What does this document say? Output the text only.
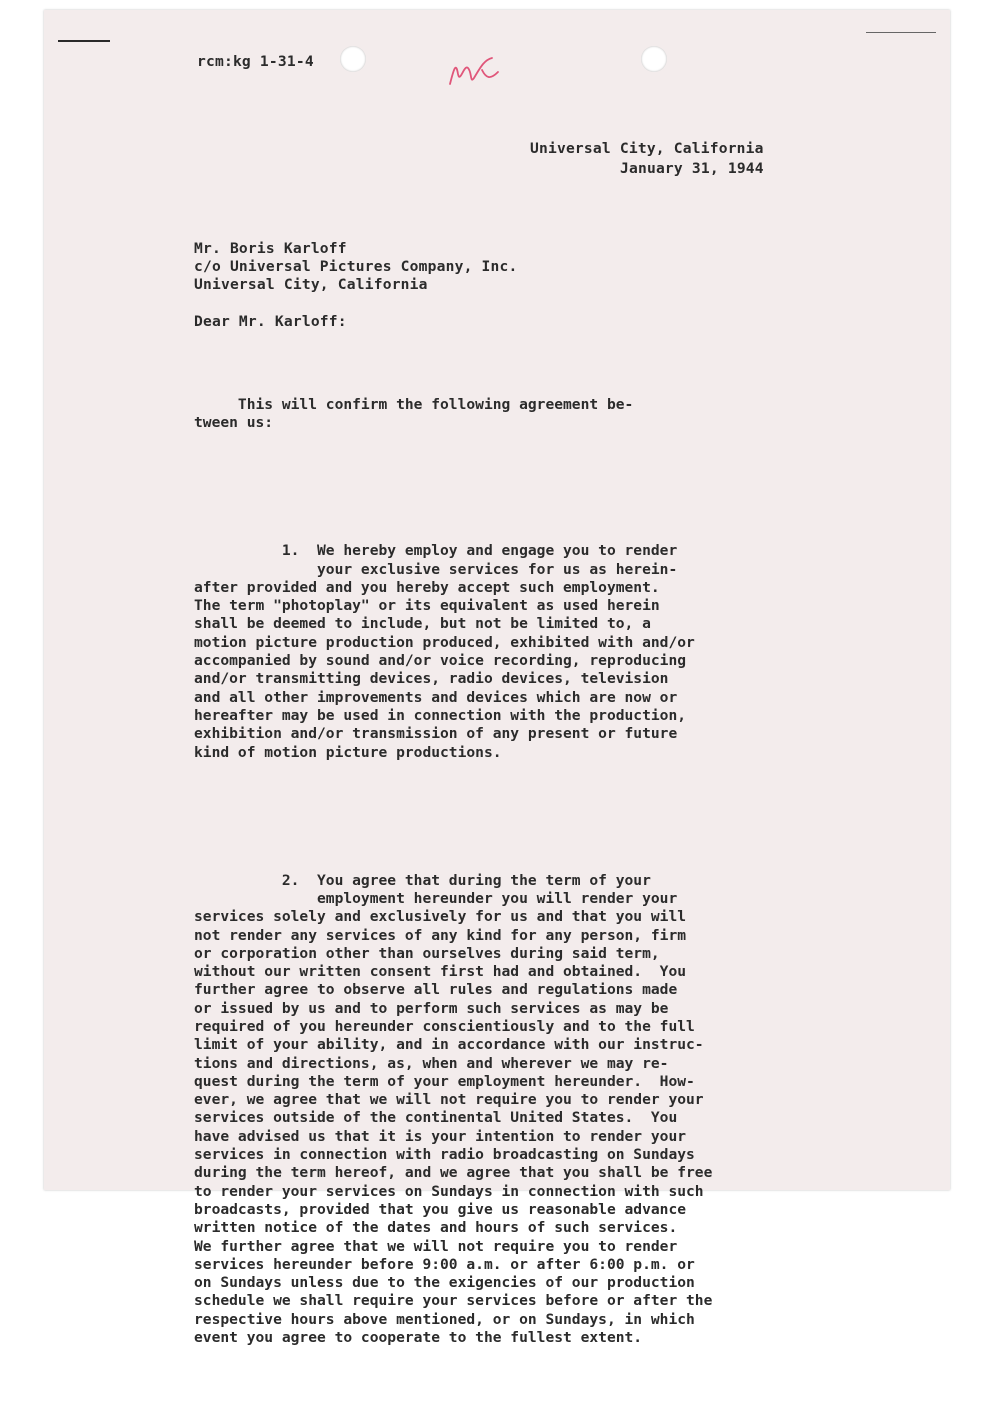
rcm:kg 1-31-4

Universal City, California

January 31, 1944

Mr. Boris Karloff

c/o Universal Pictures Company, Inc.

Universal City, California

Dear Mr. Karloff:

This will confirm the following agreement be-
tween us:

1.  We hereby employ and engage you to render
your exclusive services for us as herein-
after provided and you hereby accept such employment.
The term "photoplay" or its equivalent as used herein
shall be deemed to include, but not be limited to, a
motion picture production produced, exhibited with and/or
accompanied by sound and/or voice recording, reproducing
and/or transmitting devices, radio devices, television
and all other improvements and devices which are now or
hereafter may be used in connection with the production,
exhibition and/or transmission of any present or future
kind of motion picture productions.

2.  You agree that during the term of your
employment hereunder you will render your
services solely and exclusively for us and that you will
not render any services of any kind for any person, firm
or corporation other than ourselves during said term,
without our written consent first had and obtained.  You
further agree to observe all rules and regulations made
or issued by us and to perform such services as may be
required of you hereunder conscientiously and to the full
limit of your ability, and in accordance with our instruc-
tions and directions, as, when and wherever we may re-
quest during the term of your employment hereunder.  How-
ever, we agree that we will not require you to render your
services outside of the continental United States.  You
have advised us that it is your intention to render your
services in connection with radio broadcasting on Sundays
during the term hereof, and we agree that you shall be free
to render your services on Sundays in connection with such
broadcasts, provided that you give us reasonable advance
written notice of the dates and hours of such services.
We further agree that we will not require you to render
services hereunder before 9:00 a.m. or after 6:00 p.m. or
on Sundays unless due to the exigencies of our production
schedule we shall require your services before or after the
respective hours above mentioned, or on Sundays, in which
event you agree to cooperate to the fullest extent.
